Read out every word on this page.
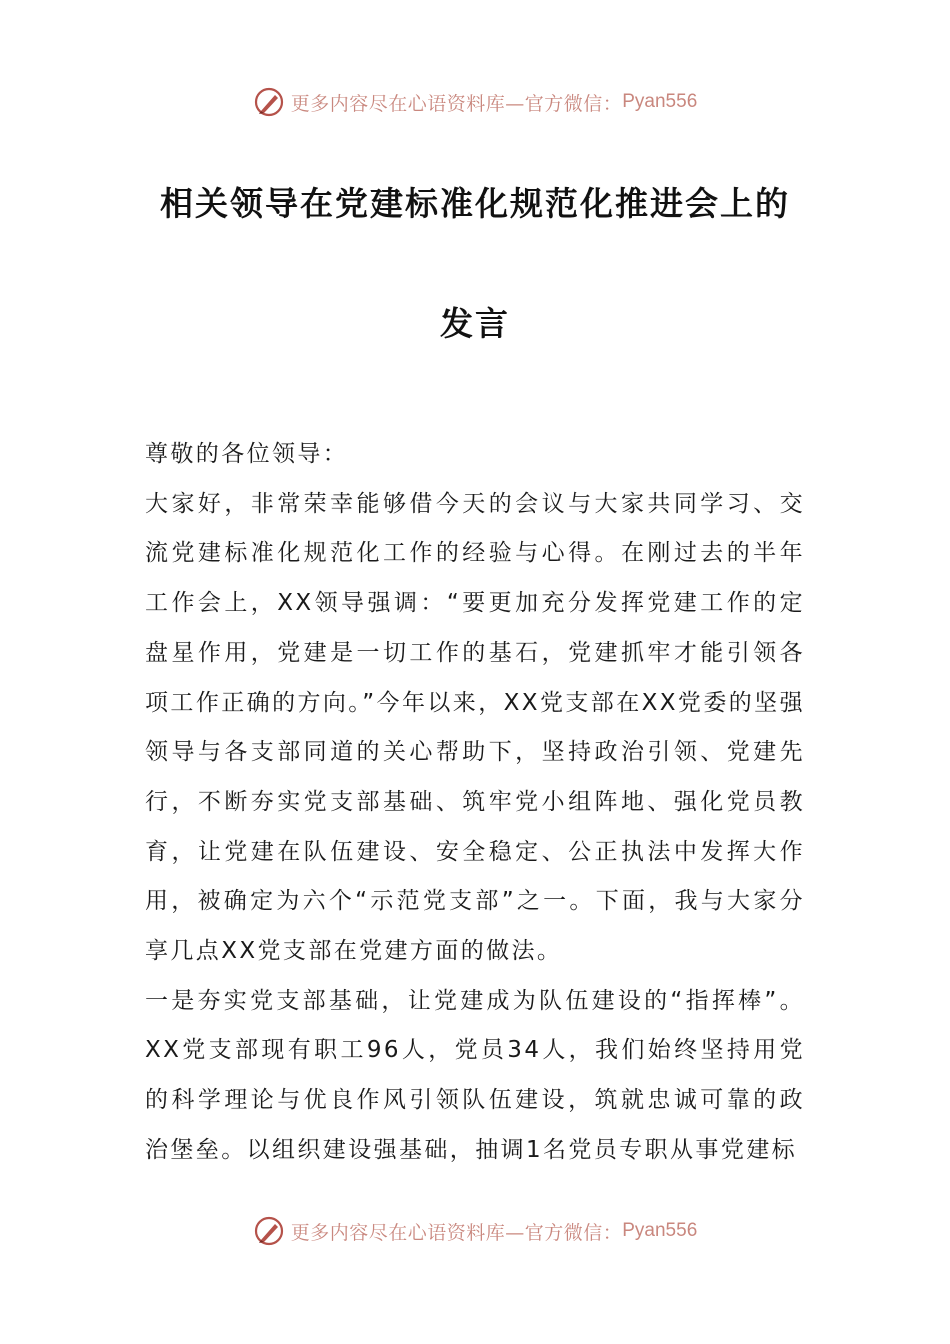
更多内容尽在心语资料库—官方微信： Pyan556
相关领导在党建标准化规范化推进会上的
发言

尊敬的各位领导：

大家好，非常荣幸能够借今天的会议与大家共同学习、交流党建标准化规范化工作的经验与心得。在刚过去的半年工作会上，XX领导强调：“要更加充分发挥党建工作的定盘星作用，党建是一切工作的基石，党建抓牢才能引领各项工作正确的方向。”今年以来，XX党支部在XX党委的坚强领导与各支部同道的关心帮助下，坚持政治引领、党建先行，不断夯实党支部基础、筑牢党小组阵地、强化党员教育，让党建在队伍建设、安全稳定、公正执法中发挥大作用，被确定为六个“示范党支部”之一。下面，我与大家分享几点XX党支部在党建方面的做法。

一是夯实党支部基础，让党建成为队伍建设的“指挥棒”。XX党支部现有职工96人，党员34人，我们始终坚持用党的科学理论与优良作风引领队伍建设，筑就忠诚可靠的政治堡垒。以组织建设强基础，抽调1名党员专职从事党建标

更多内容尽在心语资料库—官方微信： Pyan556
